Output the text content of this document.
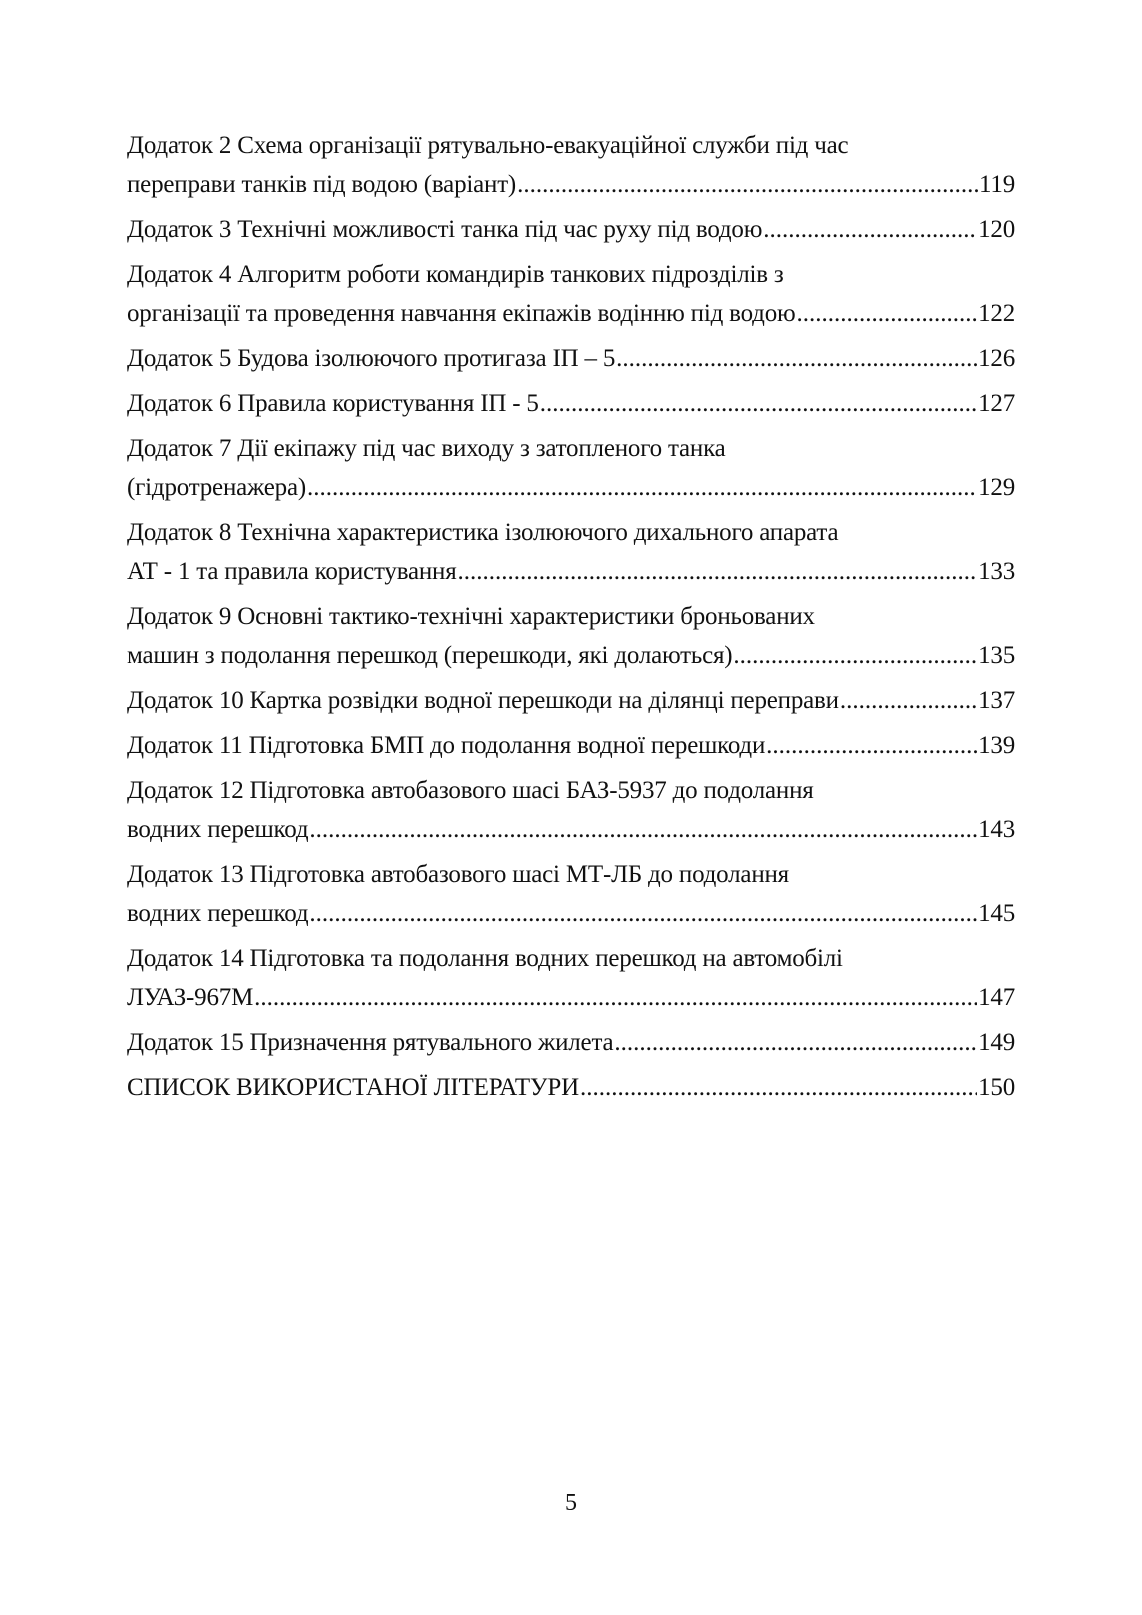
Додаток 2 Схема організації рятувально-евакуаційної служби під час
переправи танків під водою (варіант) .....	119
Додаток 3 Технічні можливості танка під час руху під водою .....	120
Додаток 4 Алгоритм роботи командирів танкових підрозділів з
організації та проведення навчання екіпажів водінню під водою .....	122
Додаток 5 Будова ізолюючого протигаза ІП – 5 .....	126
Додаток 6 Правила користування ІП - 5 .....	127
Додаток 7 Дії екіпажу під час виходу з затопленого танка
(гідротренажера) .....	129
Додаток 8 Технічна характеристика ізолюючого дихального апарата
АТ - 1 та правила користування .....	133
Додаток 9 Основні тактико-технічні характеристики броньованих
машин з подолання перешкод (перешкоди, які долаються) .....	135
Додаток 10 Картка розвідки водної перешкоди на ділянці переправи .....	137
Додаток 11 Підготовка БМП до подолання водної перешкоди .....	139
Додаток 12 Підготовка автобазового шасі БАЗ-5937 до подолання
водних перешкод .....	143
Додаток 13 Підготовка автобазового шасі МТ-ЛБ до подолання
водних перешкод .....	145
Додаток 14 Підготовка та подолання водних перешкод на автомобілі
ЛУАЗ-967М .....	147
Додаток 15 Призначення рятувального жилета .....	149
СПИСОК ВИКОРИСТАНОЇ ЛІТЕРАТУРИ .....	150
5
